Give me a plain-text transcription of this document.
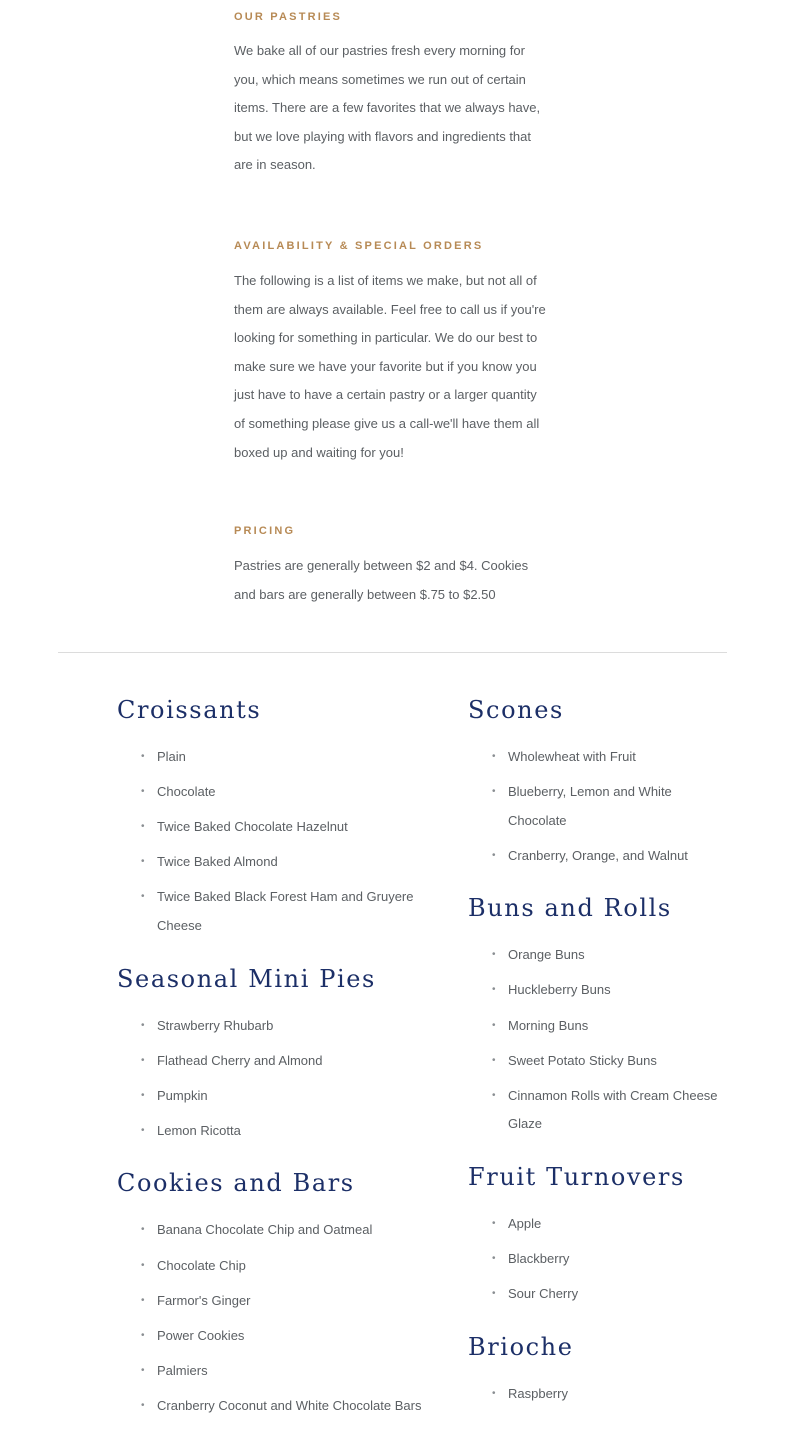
OUR PASTRIES

We bake all of our pastries fresh every morning for you, which means sometimes we run out of certain items. There are a few favorites that we always have, but we love playing with flavors and ingredients that are in season.

AVAILABILITY & SPECIAL ORDERS

The following is a list of items we make, but not all of them are always available. Feel free to call us if you're looking for something in particular. We do our best to make sure we have your favorite but if you know you just have to have a certain pastry or a larger quantity of something please give us a call-we'll have them all boxed up and waiting for you!

PRICING

Pastries are generally between $2 and $4. Cookies and bars are generally between $.75 to $2.50

Croissants
• Plain
• Chocolate
• Twice Baked Chocolate Hazelnut
• Twice Baked Almond
• Twice Baked Black Forest Ham and Gruyere Cheese
Seasonal Mini Pies
• Strawberry Rhubarb
• Flathead Cherry and Almond
• Pumpkin
• Lemon Ricotta
Cookies and Bars
• Banana Chocolate Chip and Oatmeal
• Chocolate Chip
• Farmor's Ginger
• Power Cookies
• Palmiers
• Cranberry Coconut and White Chocolate Bars
Scones
• Wholewheat with Fruit
• Blueberry, Lemon and White Chocolate
• Cranberry, Orange, and Walnut
Buns and Rolls
• Orange Buns
• Huckleberry Buns
• Morning Buns
• Sweet Potato Sticky Buns
• Cinnamon Rolls with Cream Cheese Glaze
Fruit Turnovers
• Apple
• Blackberry
• Sour Cherry
Brioche
• Raspberry
